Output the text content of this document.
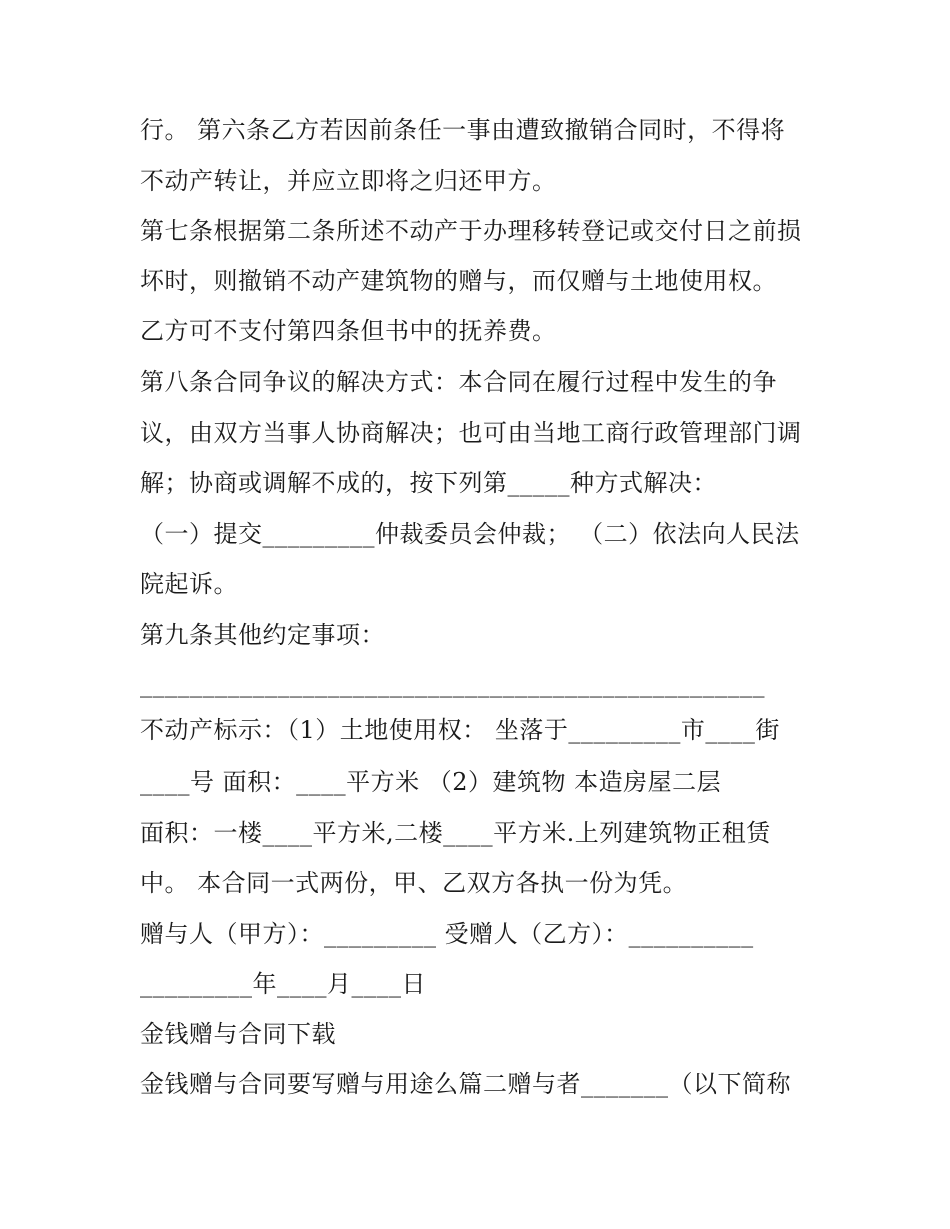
行。 第六条乙方若因前条任一事由遭致撤销合同时，不得将
不动产转让，并应立即将之归还甲方。
第七条根据第二条所述不动产于办理移转登记或交付日之前损
坏时，则撤销不动产建筑物的赠与，而仅赠与土地使用权。
乙方可不支付第四条但书中的抚养费。
第八条合同争议的解决方式：本合同在履行过程中发生的争
议，由双方当事人协商解决；也可由当地工商行政管理部门调
解；协商或调解不成的，按下列第_____种方式解决：
（一）提交_________仲裁委员会仲裁； （二）依法向人民法
院起诉。
第九条其他约定事项：
__________________________________________________
不动产标示：（1）土地使用权： 坐落于_________市____街
____号 面积：____平方米 （2）建筑物 本造房屋二层
面积：一楼____平方米,二楼____平方米.上列建筑物正租赁
中。 本合同一式两份，甲、乙双方各执一份为凭。
赠与人（甲方）：_________ 受赠人（乙方）：__________
_________年____月____日
金钱赠与合同下载
金钱赠与合同要写赠与用途么篇二赠与者_______（以下简称
